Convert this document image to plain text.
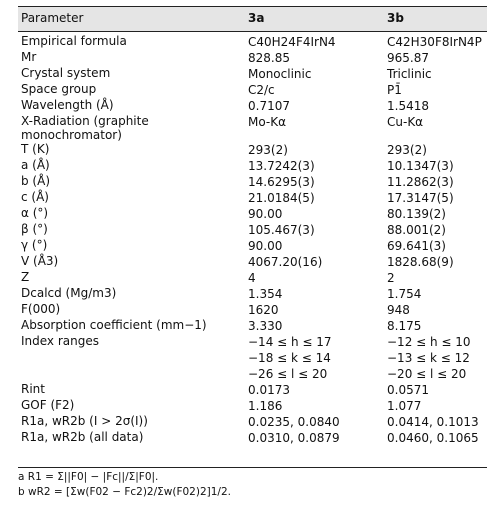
Parameter	3a	3b
Empirical formula	C40H24F4IrN4	C42H30F8IrN4P
Mr	828.85	965.87
Crystal system	Monoclinic	Triclinic
Space group	C2/c	P1̄
Wavelength (Å)	0.7107	1.5418
X-Radiation (graphite monochromator)
Mo-Kα	Cu-Kα
T (K)	293(2)	293(2)
a (Å)	13.7242(3)	10.1347(3)
b (Å)	14.6295(3)	11.2862(3)
c (Å)	21.0184(5)	17.3147(5)
α (°)	90.00	80.139(2)
β (°)	105.467(3)	88.001(2)
γ (°)	90.00	69.641(3)
V (Å3)	4067.20(16)	1828.68(9)
Z	4	2
Dcalcd (Mg/m3)	1.354	1.754
F(000)	1620	948
Absorption coefficient (mm−1)	3.330	8.175
Index ranges	−14 ≤ h ≤ 17	−12 ≤ h ≤ 10
−18 ≤ k ≤ 14	−13 ≤ k ≤ 12
−26 ≤ l ≤ 20	−20 ≤ l ≤ 20
Rint	0.0173	0.0571
GOF (F2)	1.186	1.077
R1a, wR2b (I > 2σ(I))	0.0235, 0.0840	0.0414, 0.1013
R1a, wR2b (all data)	0.0310, 0.0879	0.0460, 0.1065
a R1 = Σ||F0| − |Fc||/Σ|F0|.
b wR2 = [Σw(F02 − Fc2)2/Σw(F02)2]1/2.
